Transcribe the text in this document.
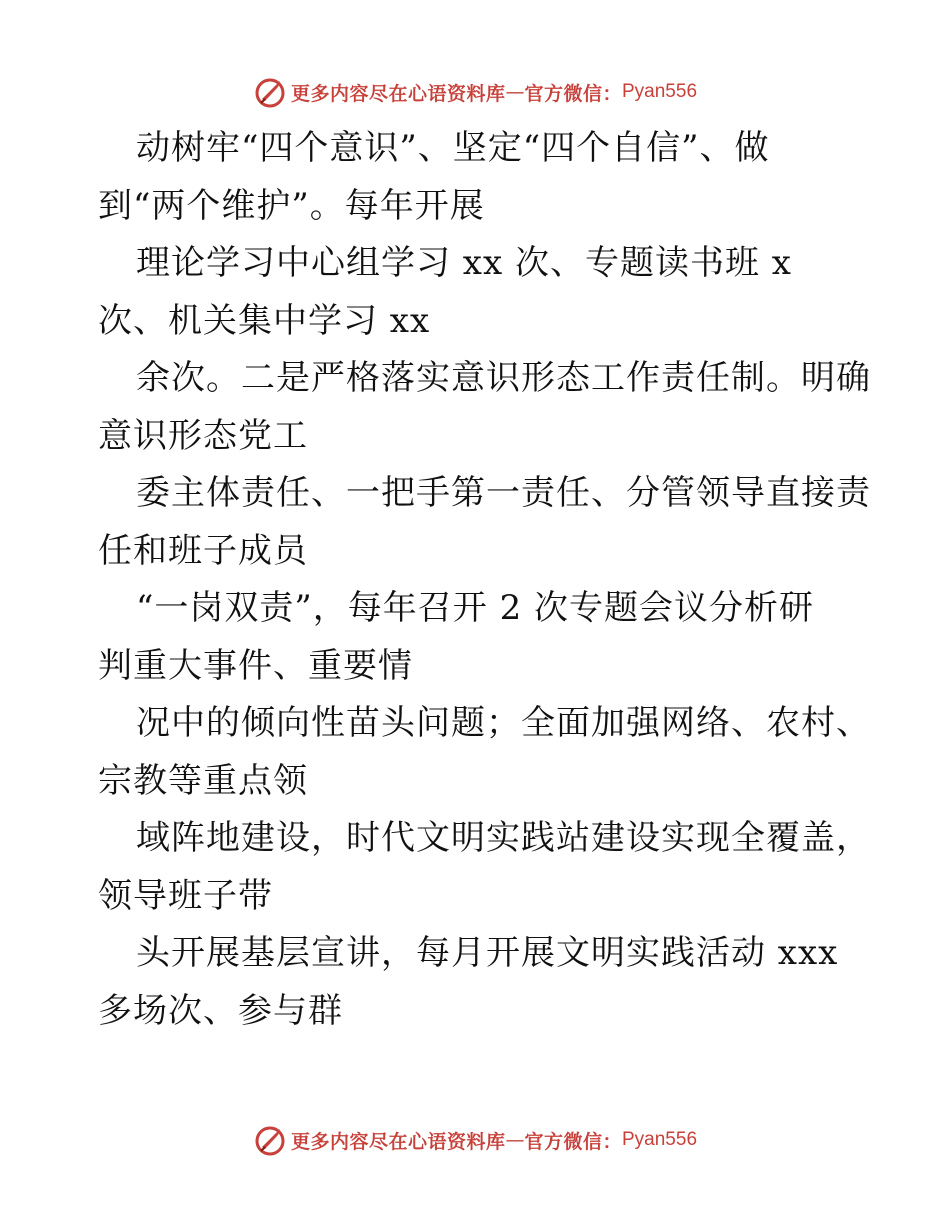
更多内容尽在心语资料库 — 官方微信： Pyan556
动树牢“四个意识”、坚定“四个自信”、做
到“两个维护”。每年开展
理论学习中心组学习 xx 次、专题读书班 x
次、机关集中学习 xx
余次。二是严格落实意识形态工作责任制。明确
意识形态党工
委主体责任、一把手第一责任、分管领导直接责
任和班子成员
“一岗双责”，每年召开 2 次专题会议分析研
判重大事件、重要情
况中的倾向性苗头问题；全面加强网络、农村、
宗教等重点领
域阵地建设，时代文明实践站建设实现全覆盖，
领导班子带
头开展基层宣讲，每月开展文明实践活动 xxx
多场次、参与群
更多内容尽在心语资料库 — 官方微信： Pyan556
